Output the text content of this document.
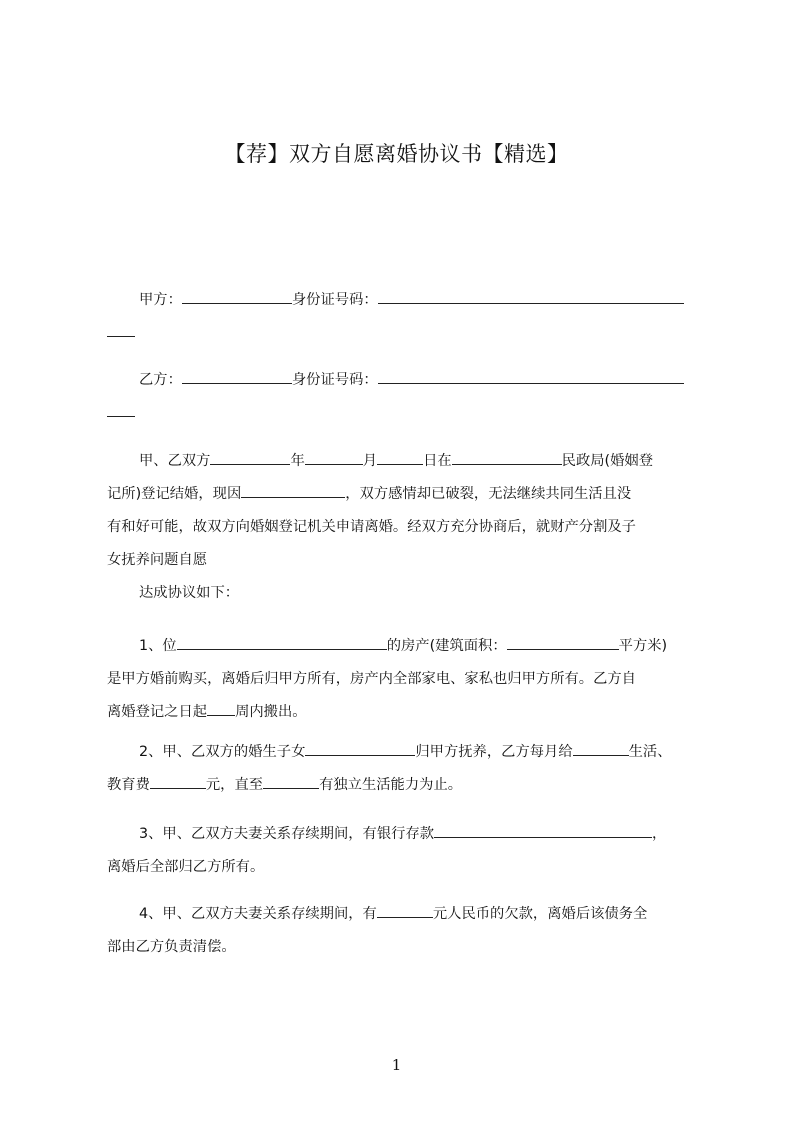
【荐】双方自愿离婚协议书【精选】
甲方：	身份证号码：
乙方：	身份证号码：
甲、乙双方	年	月	日在	民政局(婚姻登
记所)登记结婚，现因	，双方感情却已破裂，无法继续共同生活且没
有和好可能，故双方向婚姻登记机关申请离婚。经双方充分协商后，就财产分割及子
女抚养问题自愿
达成协议如下：
1、位	的房产(建筑面积：	平方米)
是甲方婚前购买，离婚后归甲方所有，房产内全部家电、家私也归甲方所有。乙方自
离婚登记之日起 周内搬出。
2、甲、乙双方的婚生子女	归甲方抚养，乙方每月给	生活、
教育费	元，直至	有独立生活能力为止。
3、甲、乙双方夫妻关系存续期间，有银行存款	，
离婚后全部归乙方所有。
4、甲、乙双方夫妻关系存续期间，有	元人民币的欠款，离婚后该债务全
部由乙方负责清偿。
1
